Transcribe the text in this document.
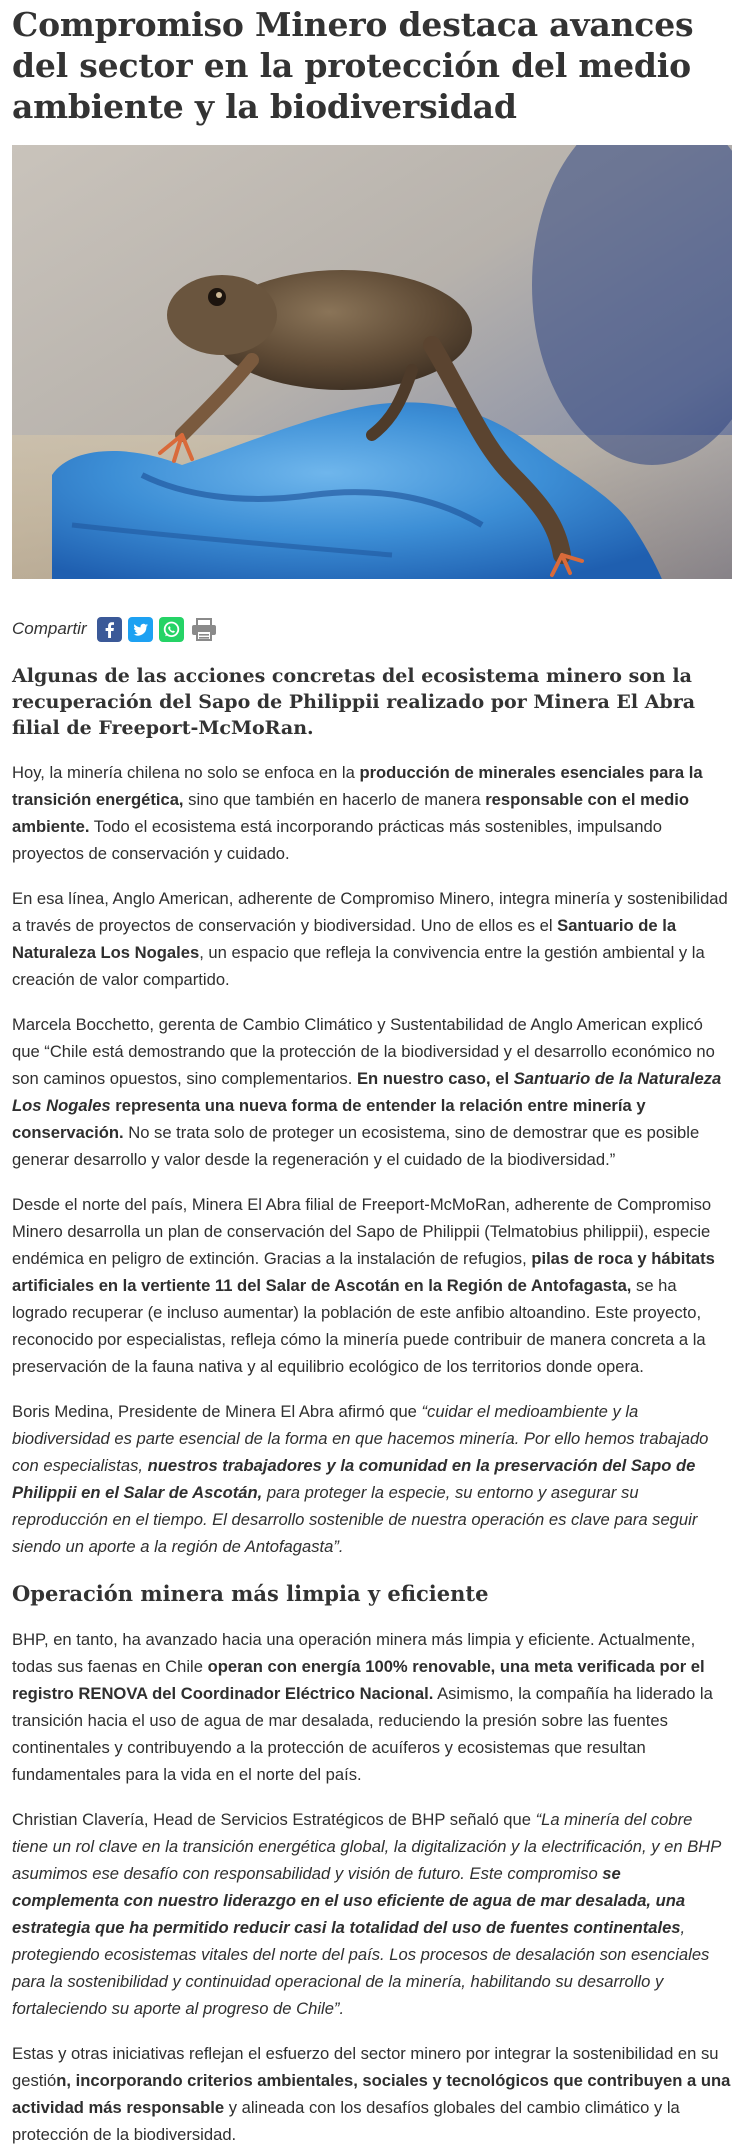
Compromiso Minero destaca avances del sector en la protección del medio ambiente y la biodiversidad
Compartir
Algunas de las acciones concretas del ecosistema minero son la recuperación del Sapo de Philippii realizado por Minera El Abra filial de Freeport-McMoRan.

Hoy, la minería chilena no solo se enfoca en la producción de minerales esenciales para la transición energética, sino que también en hacerlo de manera responsable con el medio ambiente. Todo el ecosistema está incorporando prácticas más sostenibles, impulsando proyectos de conservación y cuidado.

En esa línea, Anglo American, adherente de Compromiso Minero, integra minería y sostenibilidad a través de proyectos de conservación y biodiversidad. Uno de ellos es el Santuario de la Naturaleza Los Nogales, un espacio que refleja la convivencia entre la gestión ambiental y la creación de valor compartido.

Marcela Bocchetto, gerenta de Cambio Climático y Sustentabilidad de Anglo American explicó que “Chile está demostrando que la protección de la biodiversidad y el desarrollo económico no son caminos opuestos, sino complementarios. En nuestro caso, el Santuario de la Naturaleza Los Nogales representa una nueva forma de entender la relación entre minería y conservación. No se trata solo de proteger un ecosistema, sino de demostrar que es posible generar desarrollo y valor desde la regeneración y el cuidado de la biodiversidad.”

Desde el norte del país, Minera El Abra filial de Freeport-McMoRan, adherente de Compromiso Minero desarrolla un plan de conservación del Sapo de Philippii (Telmatobius philippii), especie endémica en peligro de extinción. Gracias a la instalación de refugios, pilas de roca y hábitats artificiales en la vertiente 11 del Salar de Ascotán en la Región de Antofagasta, se ha logrado recuperar (e incluso aumentar) la población de este anfibio altoandino. Este proyecto, reconocido por especialistas, refleja cómo la minería puede contribuir de manera concreta a la preservación de la fauna nativa y al equilibrio ecológico de los territorios donde opera.

Boris Medina, Presidente de Minera El Abra afirmó que “cuidar el medioambiente y la biodiversidad es parte esencial de la forma en que hacemos minería. Por ello hemos trabajado con especialistas, nuestros trabajadores y la comunidad en la preservación del Sapo de Philippii en el Salar de Ascotán, para proteger la especie, su entorno y asegurar su reproducción en el tiempo. El desarrollo sostenible de nuestra operación es clave para seguir siendo un aporte a la región de Antofagasta”.

Operación minera más limpia y eficiente

BHP, en tanto, ha avanzado hacia una operación minera más limpia y eficiente. Actualmente, todas sus faenas en Chile operan con energía 100% renovable, una meta verificada por el registro RENOVA del Coordinador Eléctrico Nacional. Asimismo, la compañía ha liderado la transición hacia el uso de agua de mar desalada, reduciendo la presión sobre las fuentes continentales y contribuyendo a la protección de acuíferos y ecosistemas que resultan fundamentales para la vida en el norte del país.

Christian Clavería, Head de Servicios Estratégicos de BHP señaló que “La minería del cobre tiene un rol clave en la transición energética global, la digitalización y la electrificación, y en BHP asumimos ese desafío con responsabilidad y visión de futuro. Este compromiso se complementa con nuestro liderazgo en el uso eficiente de agua de mar desalada, una estrategia que ha permitido reducir casi la totalidad del uso de fuentes continentales, protegiendo ecosistemas vitales del norte del país. Los procesos de desalación son esenciales para la sostenibilidad y continuidad operacional de la minería, habilitando su desarrollo y fortaleciendo su aporte al progreso de Chile”.

Estas y otras iniciativas reflejan el esfuerzo del sector minero por integrar la sostenibilidad en su gestión, incorporando criterios ambientales, sociales y tecnológicos que contribuyen a una actividad más responsable y alineada con los desafíos globales del cambio climático y la protección de la biodiversidad.
